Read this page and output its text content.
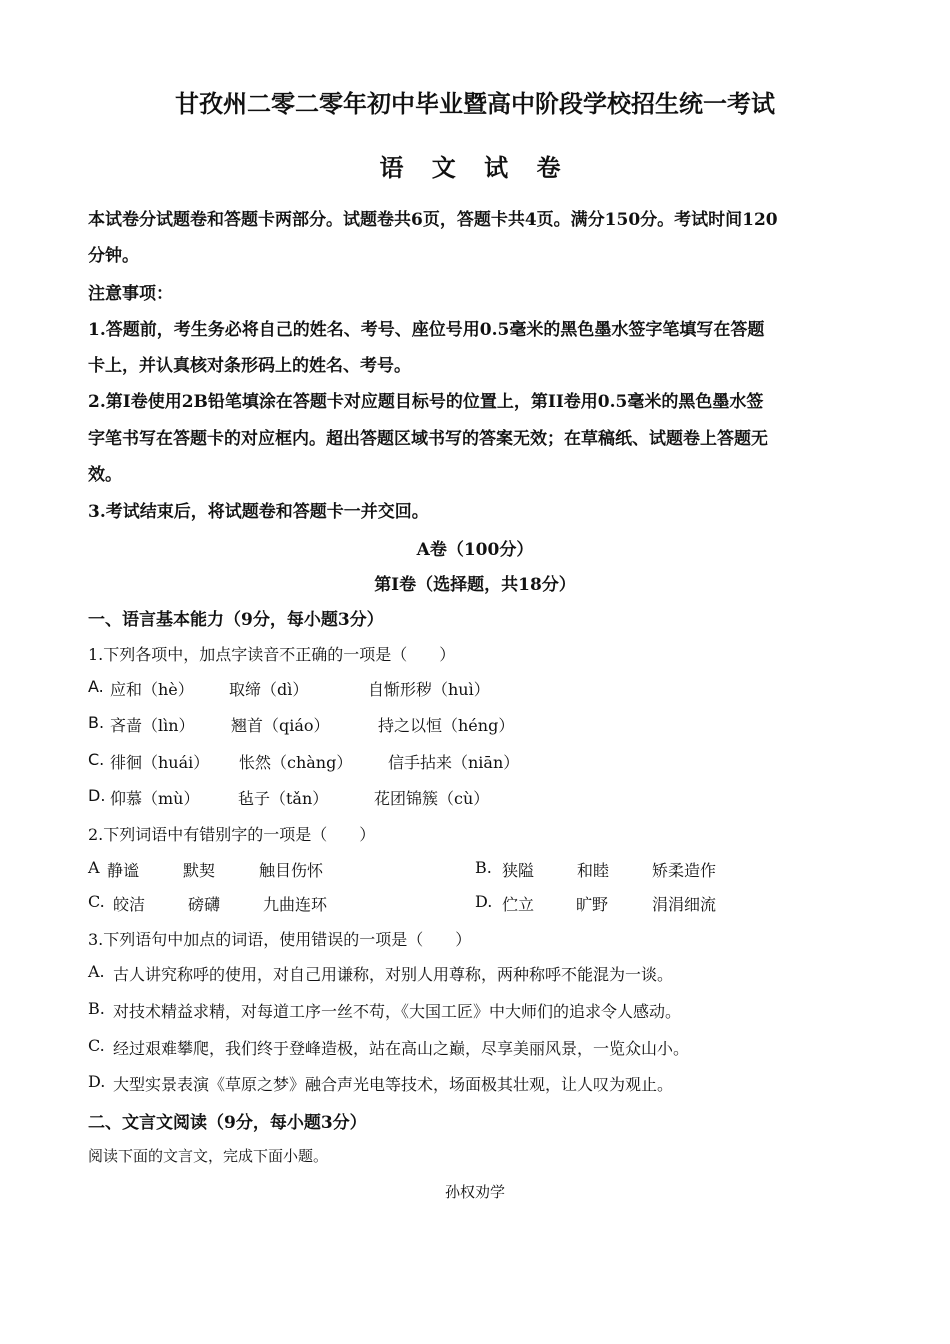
甘孜州二零二零年初中毕业暨高中阶段学校招生统一考试
语 文 试 卷
本试卷分试题卷和答题卡两部分。试题卷共6页，答题卡共4页。满分150分。考试时间120
分钟。
注意事项：
1.答题前，考生务必将自己的姓名、考号、座位号用0.5毫米的黑色墨水签字笔填写在答题
卡上，并认真核对条形码上的姓名、考号。
2.第Ⅰ卷使用2B铅笔填涂在答题卡对应题目标号的位置上，第II卷用0.5毫米的黑色墨水签
字笔书写在答题卡的对应框内。超出答题区域书写的答案无效；在草稿纸、试题卷上答题无
效。
3.考试结束后，将试题卷和答题卡一并交回。
A卷（100分）
第Ⅰ卷（选择题，共18分）
一、语言基本能力（9分，每小题3分）
1.下列各项中，加点字读音不正确的一项是（　　）
A. 应和（hè） 取缔（dì）	自惭形秽（huì）
B. 吝啬（lìn） 翘首（qiáo）	持之以恒（héng）
C. 徘徊（huái） 怅然（chàng） 信手拈来（niān）
D. 仰慕（mù） 毡子（tǎn）	花团锦簇（cù）
2.下列词语中有错别字的一项是（　　）
A 静谧	默契	触目伤怀	B. 狭隘	和睦	矫柔造作
C. 皎洁	磅礴	九曲连环	D. 伫立	旷野	涓涓细流
3.下列语句中加点的词语，使用错误的一项是（　　）
A. 古人讲究称呼的使用，对自己用谦称，对别人用尊称，两种称呼不能混为一谈。
B. 对技术精益求精，对每道工序一丝不苟，《大国工匠》中大师们的追求令人感动。
C. 经过艰难攀爬，我们终于登峰造极，站在高山之巅，尽享美丽风景，一览众山小。
D. 大型实景表演《草原之梦》融合声光电等技术，场面极其壮观，让人叹为观止。
二、文言文阅读（9分，每小题3分）
阅读下面的文言文，完成下面小题。
孙权劝学
